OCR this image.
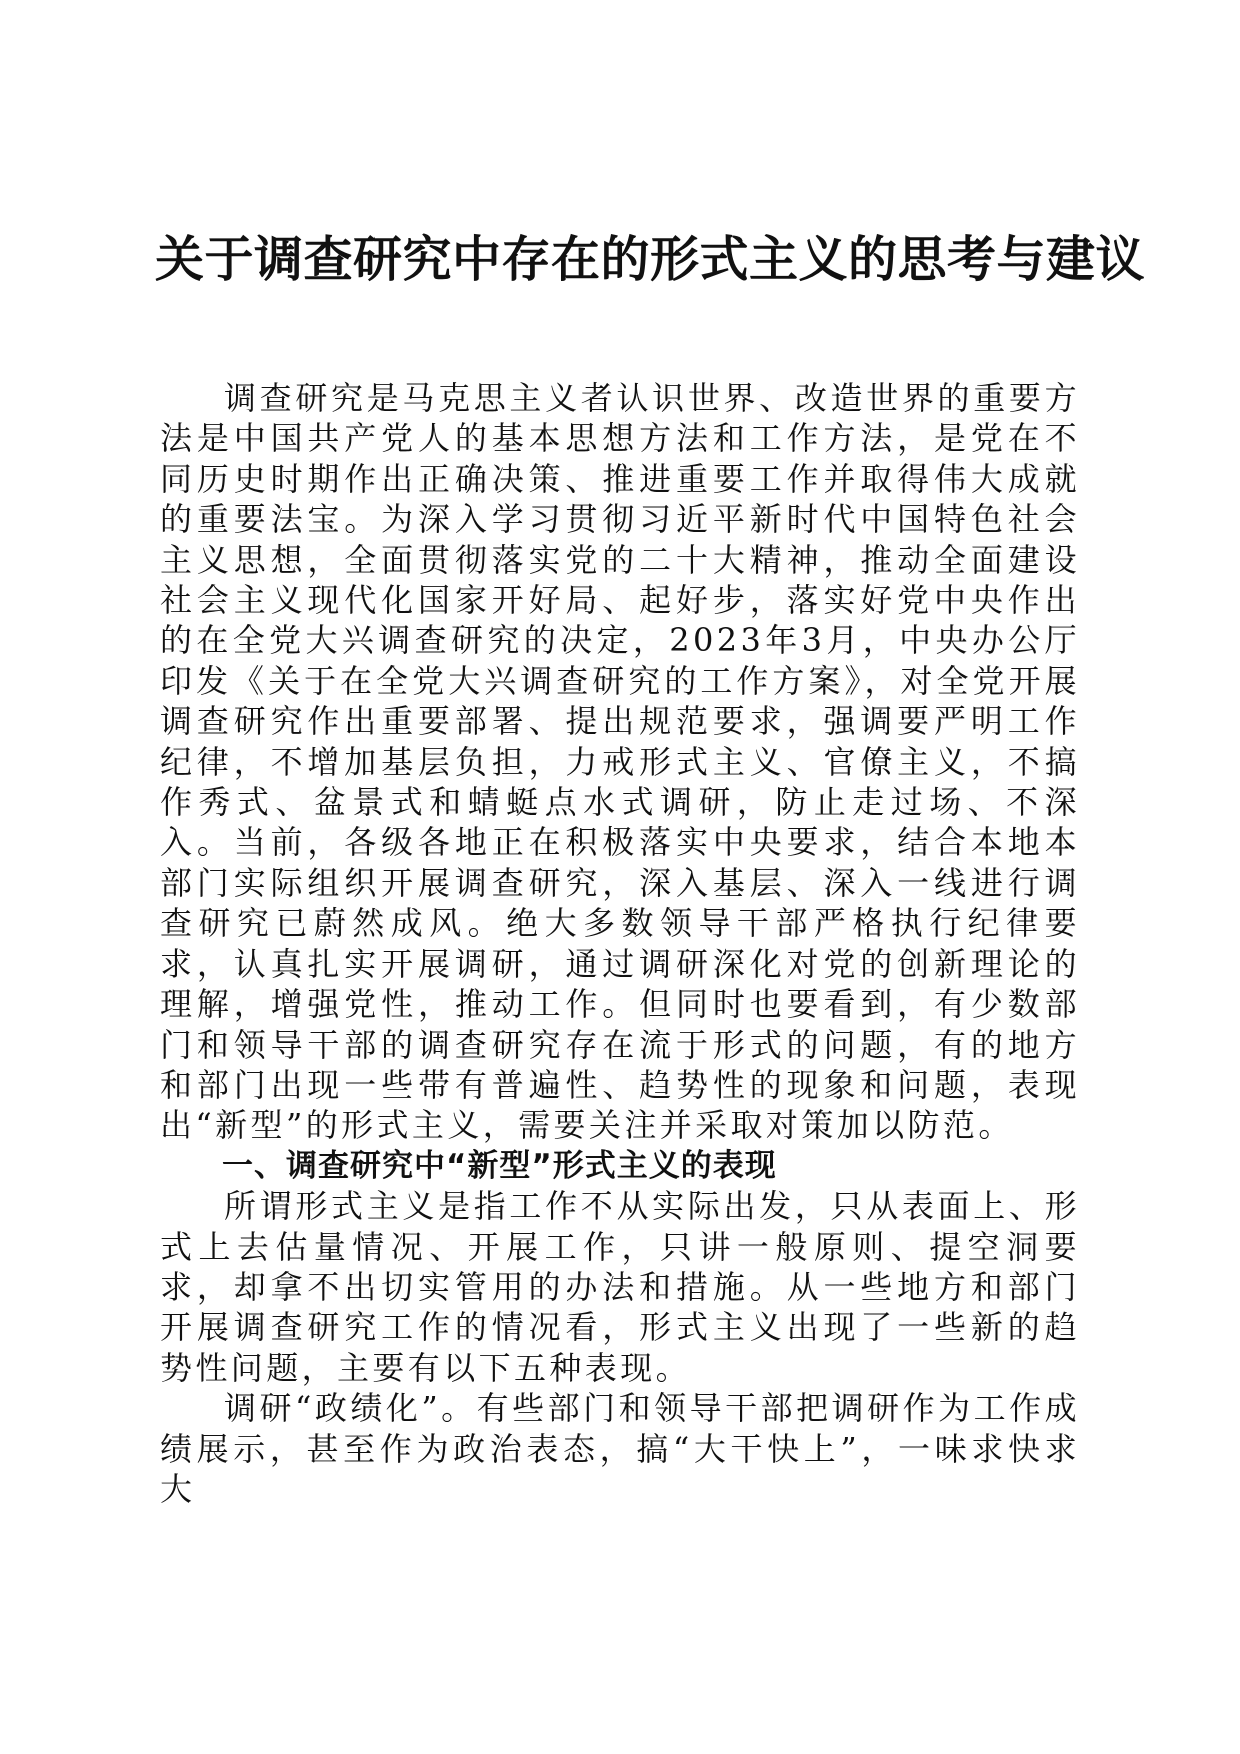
关于调查研究中存在的形式主义的思考与建议

调查研究是马克思主义者认识世界、改造世界的重要方法是中国共产党人的基本思想方法和工作方法，是党在不同历史时期作出正确决策、推进重要工作并取得伟大成就的重要法宝。为深入学习贯彻习近平新时代中国特色社会主义思想，全面贯彻落实党的二十大精神，推动全面建设社会主义现代化国家开好局、起好步，落实好党中央作出的在全党大兴调查研究的决定，2023年3月，中央办公厅印发《关于在全党大兴调查研究的工作方案》，对全党开展调查研究作出重要部署、提出规范要求，强调要严明工作纪律，不增加基层负担，力戒形式主义、官僚主义，不搞作秀式、盆景式和蜻蜓点水式调研，防止走过场、不深入。当前，各级各地正在积极落实中央要求，结合本地本部门实际组织开展调查研究，深入基层、深入一线进行调查研究已蔚然成风。绝大多数领导干部严格执行纪律要求，认真扎实开展调研，通过调研深化对党的创新理论的理解，增强党性，推动工作。但同时也要看到，有少数部门和领导干部的调查研究存在流于形式的问题，有的地方和部门出现一些带有普遍性、趋势性的现象和问题，表现出“新型”的形式主义，需要关注并采取对策加以防范。

一、调查研究中“新型”形式主义的表现

所谓形式主义是指工作不从实际出发，只从表面上、形式上去估量情况、开展工作，只讲一般原则、提空洞要求，却拿不出切实管用的办法和措施。从一些地方和部门开展调查研究工作的情况看，形式主义出现了一些新的趋势性问题，主要有以下五种表现。

调研“政绩化”。有些部门和领导干部把调研作为工作成绩展示，甚至作为政治表态，搞“大干快上”，一味求快求大
